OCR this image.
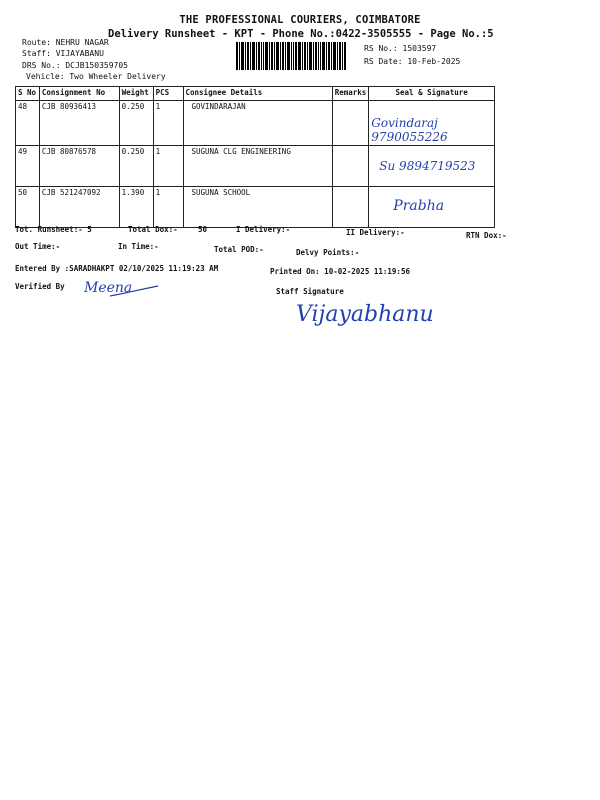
THE PROFESSIONAL COURIERS, COIMBATORE
Delivery Runsheet - KPT - Phone No.:0422-3505555 - Page No.:5
Route: NEHRU NAGAR
Staff: VIJAYABANU
DRS No.: DCJB150359705
Vehicle: Two Wheeler Delivery
RS No.: 1503597
RS Date: 10-Feb-2025
S No	Consignment No	Weight	PCS	Consignee Details	Remarks	Seal & Signature
48	CJB 80936413	0.250	1	GOVINDARAJAN		Govindaraj 9790055226
49	CJB 80876578	0.250	1	SUGUNA CLG ENGINEERING		Su 9894719523
50	CJB 521247092	1.390	1	SUGUNA SCHOOL		Prabha
Tot. Runsheet:- 5	Total Dox:-	50	I Delivery:-	II Delivery:-	RTN Dox:-
Out Time:-	In Time:-	Total POD:-	Delvy Points:-
Entered By :SARADHAKPT 02/10/2025 11:19:23 AM	Printed On: 10-02-2025 11:19:56
Verified By Meena	Staff Signature
Vijayabhanu
